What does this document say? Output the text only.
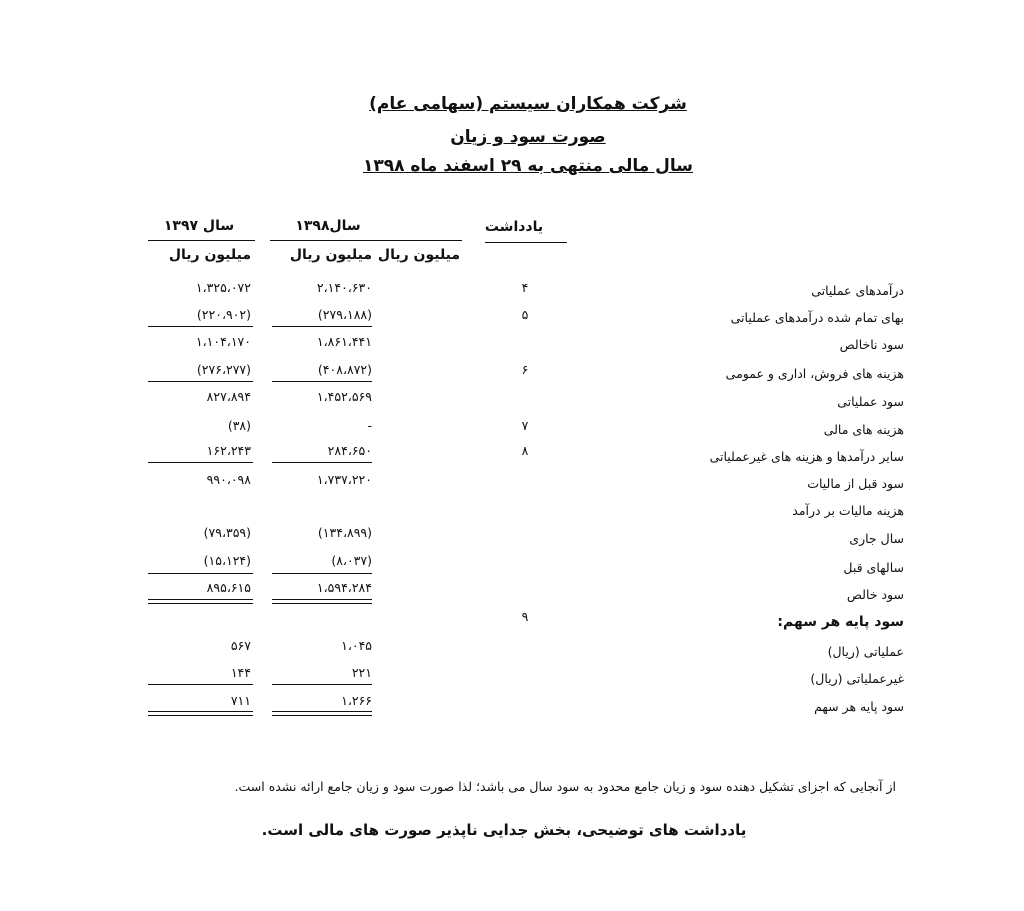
شرکت همکاران سیستم (سهامی عام)
صورت سود و زیان
سال مالی منتهی به ۲۹ اسفند ماه ۱۳۹۸
یادداشت
سال۱۳۹۸
سال ۱۳۹۷
میلیون ریال
میلیون ریال
میلیون ریال
درآمدهای عملیاتی
۴
۲،۱۴۰،۶۳۰
۱،۳۲۵،۰۷۲
بهای تمام شده درآمدهای عملیاتی
۵
(۲۷۹،۱۸۸)
(۲۲۰،۹۰۲)
سود ناخالص
۱،۸۶۱،۴۴۱
۱،۱۰۴،۱۷۰
هزینه های فروش، اداری و عمومی
۶
(۴۰۸،۸۷۲)
(۲۷۶،۲۷۷)
سود عملیاتی
۱،۴۵۲،۵۶۹
۸۲۷،۸۹۴
هزینه های مالی
۷
-
(۳۸)
سایر درآمدها و هزینه های غیرعملیاتی
۸
۲۸۴،۶۵۰
۱۶۲،۲۴۳
سود قبل از مالیات
۱،۷۳۷،۲۲۰
۹۹۰،۰۹۸
هزینه مالیات بر درآمد
سال جاری
(۱۳۴،۸۹۹)
(۷۹،۳۵۹)
سالهای قبل
(۸،۰۳۷)
(۱۵،۱۲۴)
سود خالص
۱،۵۹۴،۲۸۴
۸۹۵،۶۱۵
سود پایه هر سهم:
۹
عملیاتی (ریال)
۱،۰۴۵
۵۶۷
غیرعملیاتی (ریال)
۲۲۱
۱۴۴
سود پایه هر سهم
۱،۲۶۶
۷۱۱
از آنجایی که اجزای تشکیل دهنده سود و زیان جامع محدود به سود سال می باشد؛ لذا صورت سود و زیان جامع ارائه نشده است.
یادداشت های توضیحی، بخش جدایی ناپذیر صورت های مالی است.
